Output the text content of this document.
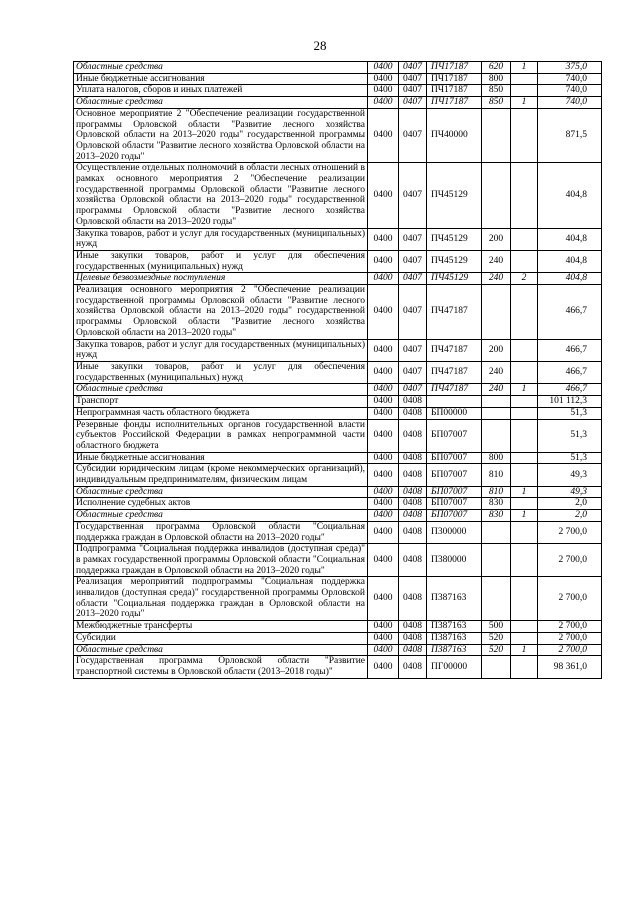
28
Областные средства	0400	0407	ПЧ17187	620	1	375,0
Иные бюджетные ассигнования	0400	0407	ПЧ17187	800		740,0
Уплата налогов, сборов и иных платежей	0400	0407	ПЧ17187	850		740,0
Областные средства	0400	0407	ПЧ17187	850	1	740,0
Основное мероприятие 2 "Обеспечение реализации государственной программы Орловской области "Развитие лесного хозяйства Орловской области на 2013–2020 годы" государственной программы Орловской области "Развитие лесного хозяйства Орловской области на 2013–2020 годы"	0400	0407	ПЧ40000			871,5
Осуществление отдельных полномочий в области лесных отношений в рамках основного мероприятия 2 "Обеспечение реализации государственной программы Орловской области "Развитие лесного хозяйства Орловской области на 2013–2020 годы" государственной программы Орловской области "Развитие лесного хозяйства Орловской области на 2013–2020 годы"	0400	0407	ПЧ45129			404,8
Закупка товаров, работ и услуг для государственных (муниципальных) нужд	0400	0407	ПЧ45129	200		404,8
Иные закупки товаров, работ и услуг для обеспечения государственных (муниципальных) нужд	0400	0407	ПЧ45129	240		404,8
Целевые безвозмездные поступления	0400	0407	ПЧ45129	240	2	404,8
Реализация основного мероприятия 2 "Обеспечение реализации государственной программы Орловской области "Развитие лесного хозяйства Орловской области на 2013–2020 годы" государственной программы Орловской области "Развитие лесного хозяйства Орловской области на 2013–2020 годы"	0400	0407	ПЧ47187			466,7
Закупка товаров, работ и услуг для государственных (муниципальных) нужд	0400	0407	ПЧ47187	200		466,7
Иные закупки товаров, работ и услуг для обеспечения государственных (муниципальных) нужд	0400	0407	ПЧ47187	240		466,7
Областные средства	0400	0407	ПЧ47187	240	1	466,7
Транспорт	0400	0408				101 112,3
Непрограммная часть областного бюджета	0400	0408	БП00000			51,3
Резервные фонды исполнительных органов государственной власти субъектов Российской Федерации в рамках непрограммной части областного бюджета	0400	0408	БП07007			51,3
Иные бюджетные ассигнования	0400	0408	БП07007	800		51,3
Субсидии юридическим лицам (кроме некоммерческих организаций), индивидуальным предпринимателям, физическим лицам	0400	0408	БП07007	810		49,3
Областные средства	0400	0408	БП07007	810	1	49,3
Исполнение судебных актов	0400	0408	БП07007	830		2,0
Областные средства	0400	0408	БП07007	830	1	2,0
Государственная программа Орловской области "Социальная поддержка граждан в Орловской области на 2013–2020 годы"	0400	0408	П300000			2 700,0
Подпрограмма "Социальная поддержка инвалидов (доступная среда)" в рамках государственной программы Орловской области "Социальная поддержка граждан в Орловской области на 2013–2020 годы"	0400	0408	П380000			2 700,0
Реализация мероприятий подпрограммы "Социальная поддержка инвалидов (доступная среда)" государственной программы Орловской области "Социальная поддержка граждан в Орловской области на 2013–2020 годы"	0400	0408	П387163			2 700,0
Межбюджетные трансферты	0400	0408	П387163	500		2 700,0
Субсидии	0400	0408	П387163	520		2 700,0
Областные средства	0400	0408	П387163	520	1	2 700,0
Государственная программа Орловской области "Развитие транспортной системы в Орловской области (2013–2018 годы)"	0400	0408	ПГ00000			98 361,0
